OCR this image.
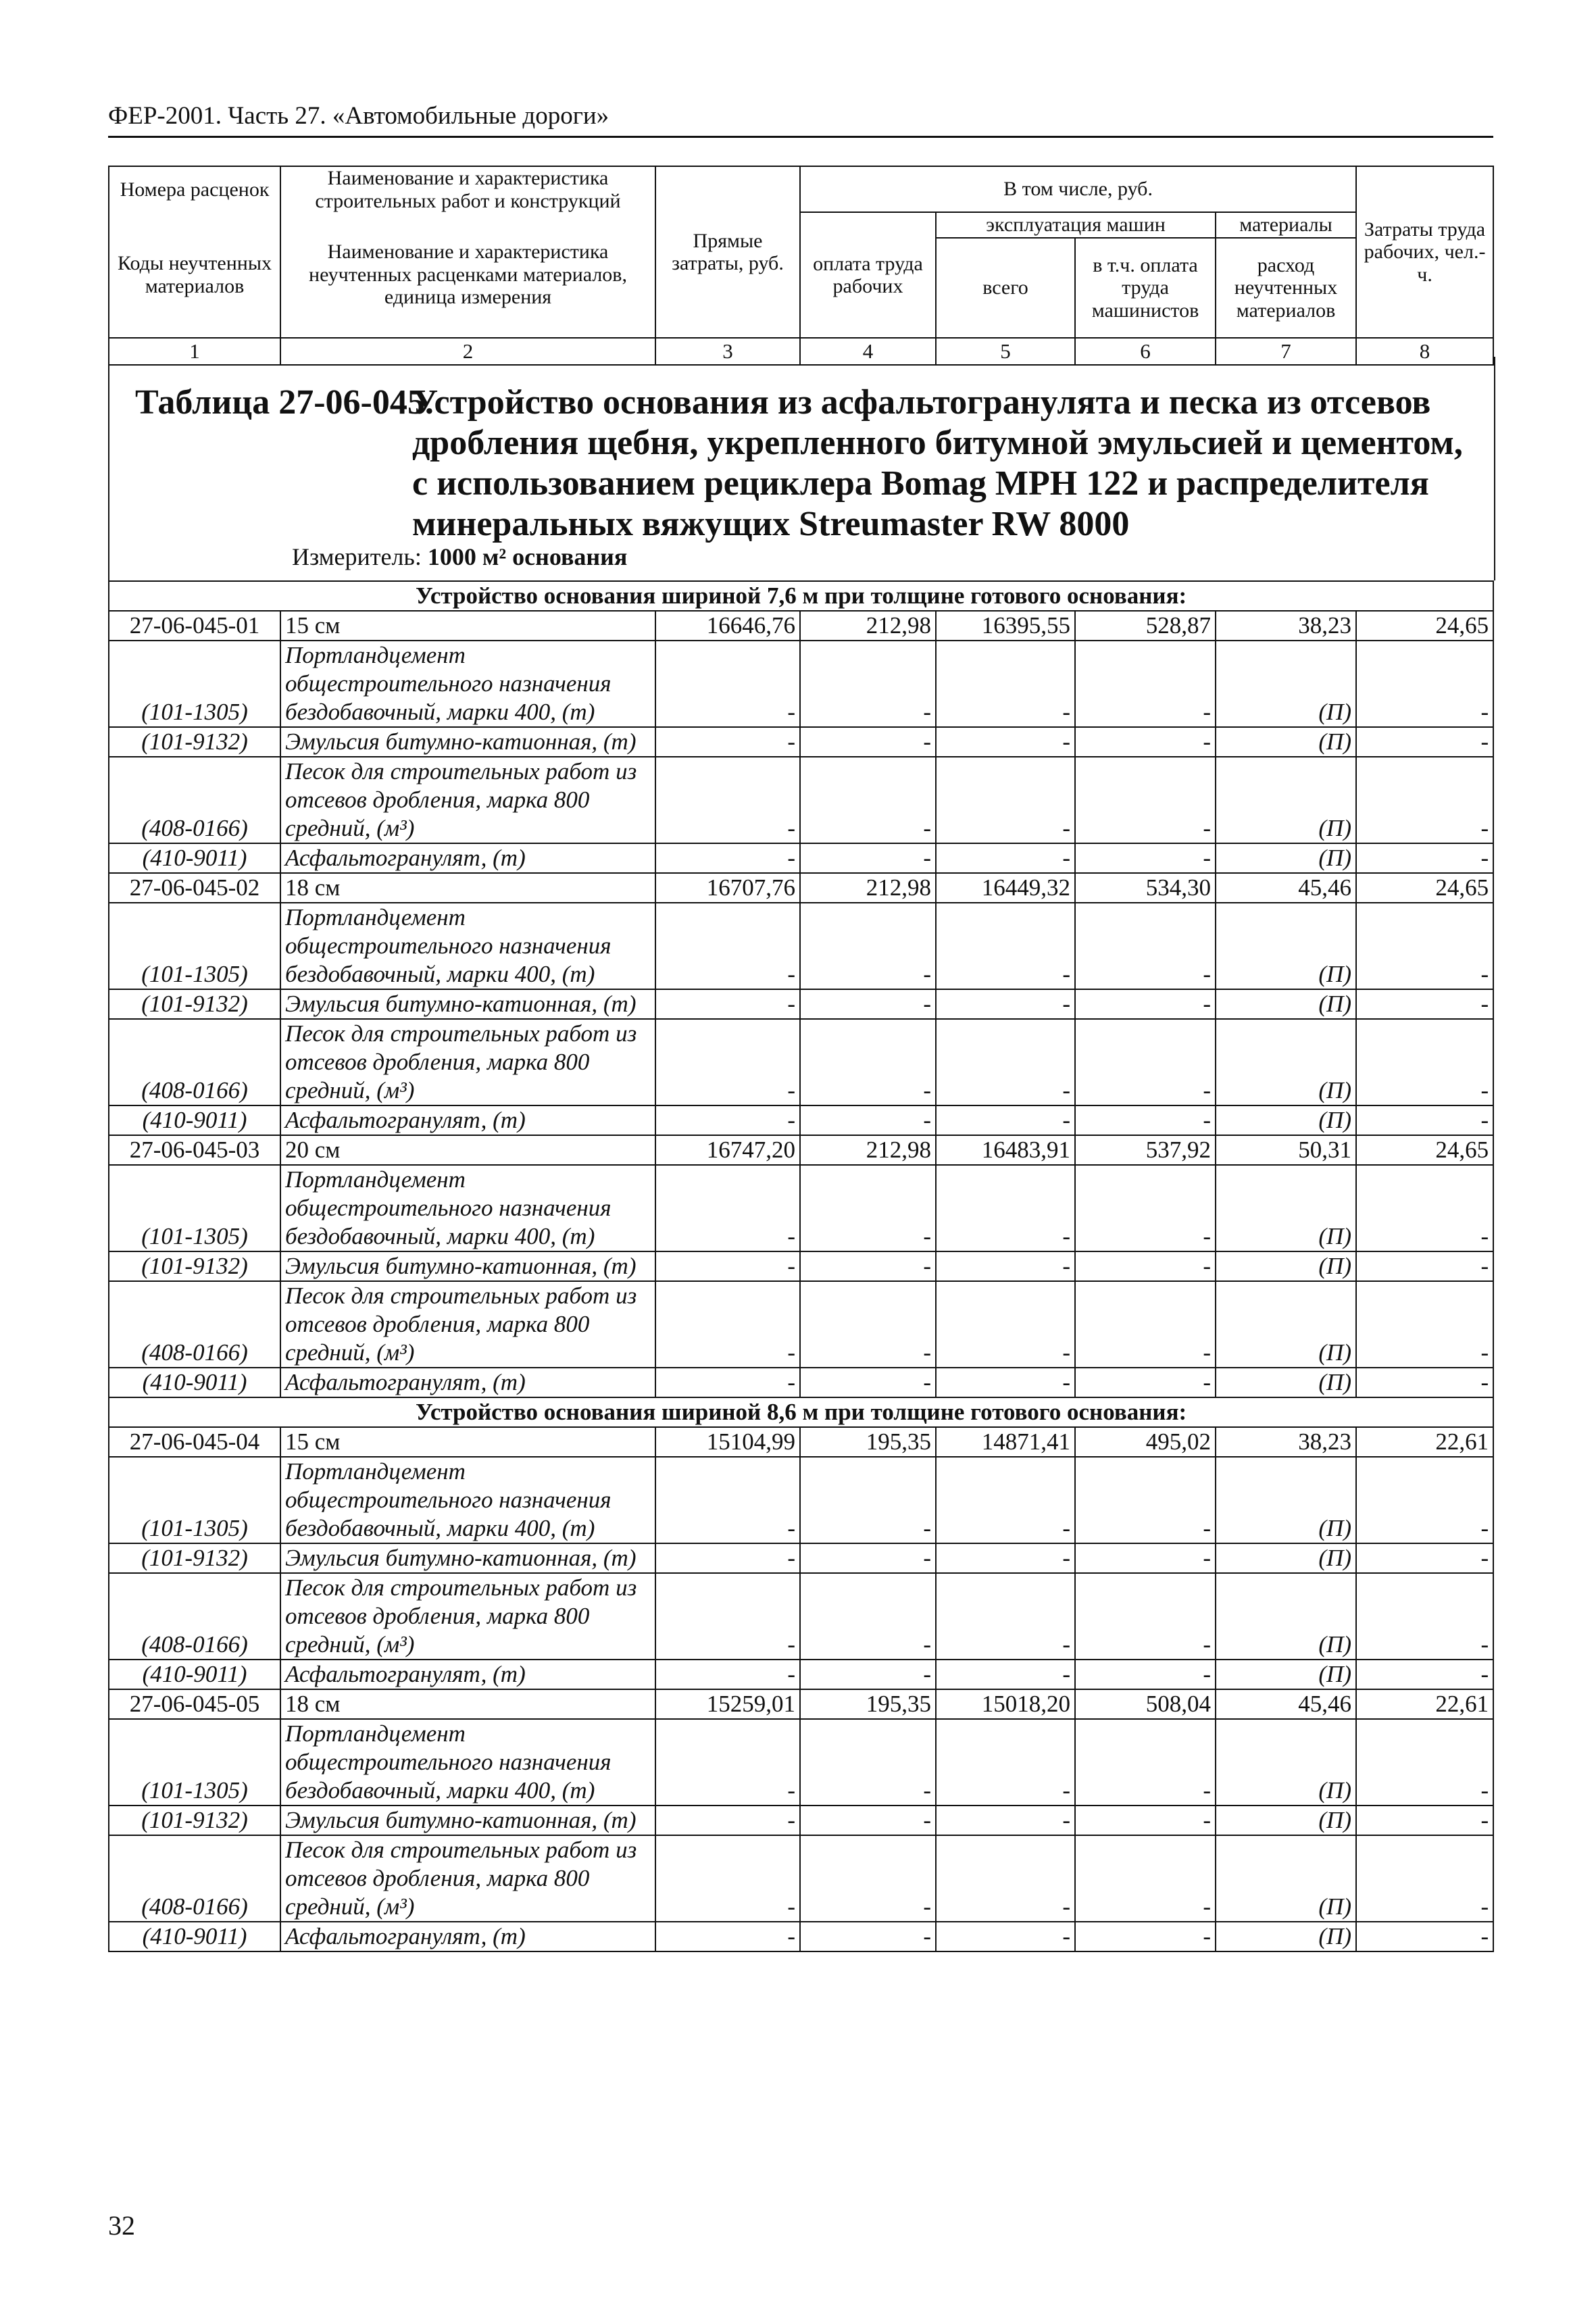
ФЕР-2001. Часть 27. «Автомобильные дороги»
Номера расценок	Наименование и характеристика строительных работ и конструкций	Прямые затраты, руб.	В том числе, руб.				Затраты труда рабочих, чел.-ч.
Коды неучтенных материалов	Наименование и характеристика неучтенных расценками материалов, единица измерения		оплата труда рабочих	эксплуатация машин		материалы	
				всего	в т.ч. оплата труда машинистов	расход неучтенных материалов	
1	2	3	4	5	6	7	8
Таблица 27-06-045.
Устройство основания из асфальтогранулята и песка из отсевов дробления щебня, укрепленного битумной эмульсией и цементом, с использованием рециклера Bomag MPH 122 и распределителя минеральных вяжущих Streumaster RW 8000
Измеритель: 1000 м² основания
Устройство основания шириной 7,6 м при толщине готового основания:							
27-06-045-01	15 см	16646,76	212,98	16395,55	528,87	38,23	24,65
(101-1305)	Портландцемент общестроительного назначения бездобавочный, марки 400, (т)	-	-	-	-	(П)	-
(101-9132)	Эмульсия битумно-катионная, (т)	-	-	-	-	(П)	-
(408-0166)	Песок для строительных работ из отсевов дробления, марка 800 средний, (м³)	-	-	-	-	(П)	-
(410-9011)	Асфальтогранулят, (т)	-	-	-	-	(П)	-
27-06-045-02	18 см	16707,76	212,98	16449,32	534,30	45,46	24,65
(101-1305)	Портландцемент общестроительного назначения бездобавочный, марки 400, (т)	-	-	-	-	(П)	-
(101-9132)	Эмульсия битумно-катионная, (т)	-	-	-	-	(П)	-
(408-0166)	Песок для строительных работ из отсевов дробления, марка 800 средний, (м³)	-	-	-	-	(П)	-
(410-9011)	Асфальтогранулят, (т)	-	-	-	-	(П)	-
27-06-045-03	20 см	16747,20	212,98	16483,91	537,92	50,31	24,65
(101-1305)	Портландцемент общестроительного назначения бездобавочный, марки 400, (т)	-	-	-	-	(П)	-
(101-9132)	Эмульсия битумно-катионная, (т)	-	-	-	-	(П)	-
(408-0166)	Песок для строительных работ из отсевов дробления, марка 800 средний, (м³)	-	-	-	-	(П)	-
(410-9011)	Асфальтогранулят, (т)	-	-	-	-	(П)	-
Устройство основания шириной 8,6 м при толщине готового основания:							
27-06-045-04	15 см	15104,99	195,35	14871,41	495,02	38,23	22,61
(101-1305)	Портландцемент общестроительного назначения бездобавочный, марки 400, (т)	-	-	-	-	(П)	-
(101-9132)	Эмульсия битумно-катионная, (т)	-	-	-	-	(П)	-
(408-0166)	Песок для строительных работ из отсевов дробления, марка 800 средний, (м³)	-	-	-	-	(П)	-
(410-9011)	Асфальтогранулят, (т)	-	-	-	-	(П)	-
27-06-045-05	18 см	15259,01	195,35	15018,20	508,04	45,46	22,61
(101-1305)	Портландцемент общестроительного назначения бездобавочный, марки 400, (т)	-	-	-	-	(П)	-
(101-9132)	Эмульсия битумно-катионная, (т)	-	-	-	-	(П)	-
(408-0166)	Песок для строительных работ из отсевов дробления, марка 800 средний, (м³)	-	-	-	-	(П)	-
(410-9011)	Асфальтогранулят, (т)	-	-	-	-	(П)	-
32
